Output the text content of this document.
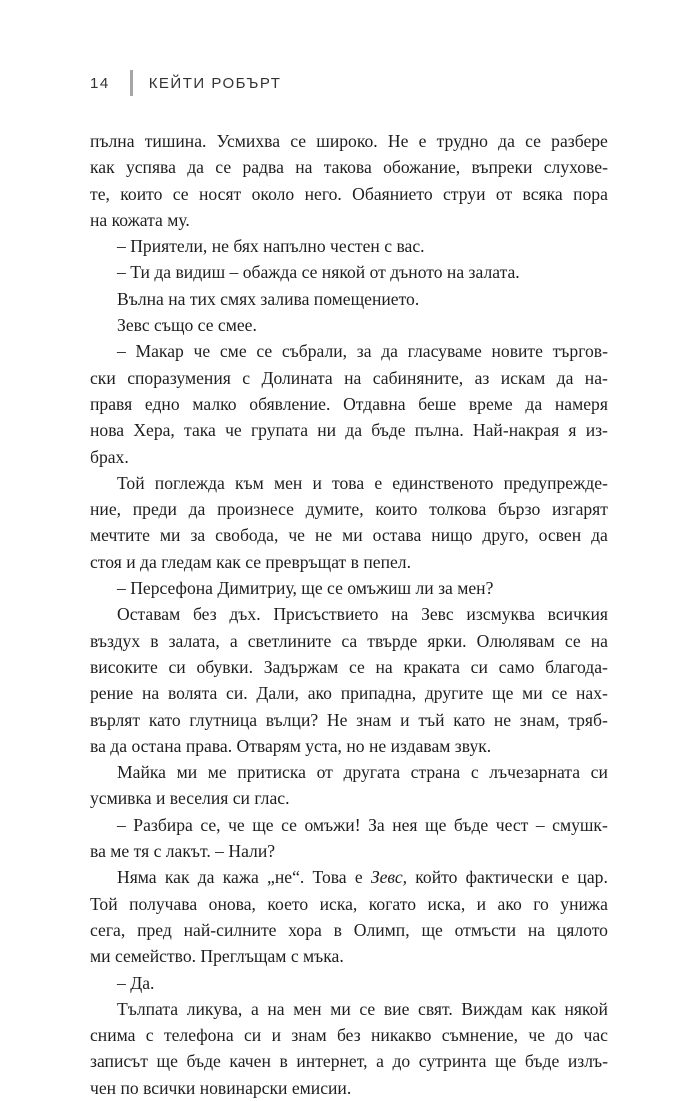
14	КЕЙТИ РОБЪРТ
пълна тишина. Усмихва се широко. Не е трудно да се разбере
как успява да се радва на такова обожание, въпреки слухове-
те, които се носят около него. Обаянието струи от всяка пора
на кожата му.
– Приятели, не бях напълно честен с вас.
– Ти да видиш – обажда се някой от дъното на залата.
Вълна на тих смях залива помещението.
Зевс също се смее.
– Макар че сме се събрали, за да гласуваме новите търгов-
ски споразумения с Долината на сабиняните, аз искам да на-
правя едно малко обявление. Отдавна беше време да намеря
нова Хера, така че групата ни да бъде пълна. Най-накрая я из-
брах.
Той поглежда към мен и това е единственото предупрежде-
ние, преди да произнесе думите, които толкова бързо изгарят
мечтите ми за свобода, че не ми остава нищо друго, освен да
стоя и да гледам как се превръщат в пепел.
– Персефона Димитриу, ще се омъжиш ли за мен?
Оставам без дъх. Присъствието на Зевс изсмуква всичкия
въздух в залата, а светлините са твърде ярки. Олюлявам се на
високите си обувки. Задържам се на краката си само благода-
рение на волята си. Дали, ако припадна, другите ще ми се нах-
върлят като глутница вълци? Не знам и тъй като не знам, тряб-
ва да остана права. Отварям уста, но не издавам звук.
Майка ми ме притиска от другата страна с лъчезарната си
усмивка и веселия си глас.
– Разбира се, че ще се омъжи! За нея ще бъде чест – смушк-
ва ме тя с лакът. – Нали?
Няма как да кажа „не“. Това е Зевс, който фактически е цар.
Той получава онова, което иска, когато иска, и ако го унижа
сега, пред най-силните хора в Олимп, ще отмъсти на цялото
ми семейство. Преглъщам с мъка.
– Да.
Тълпата ликува, а на мен ми се вие свят. Виждам как някой
снима с телефона си и знам без никакво съмнение, че до час
записът ще бъде качен в интернет, а до сутринта ще бъде излъ-
чен по всички новинарски емисии.
